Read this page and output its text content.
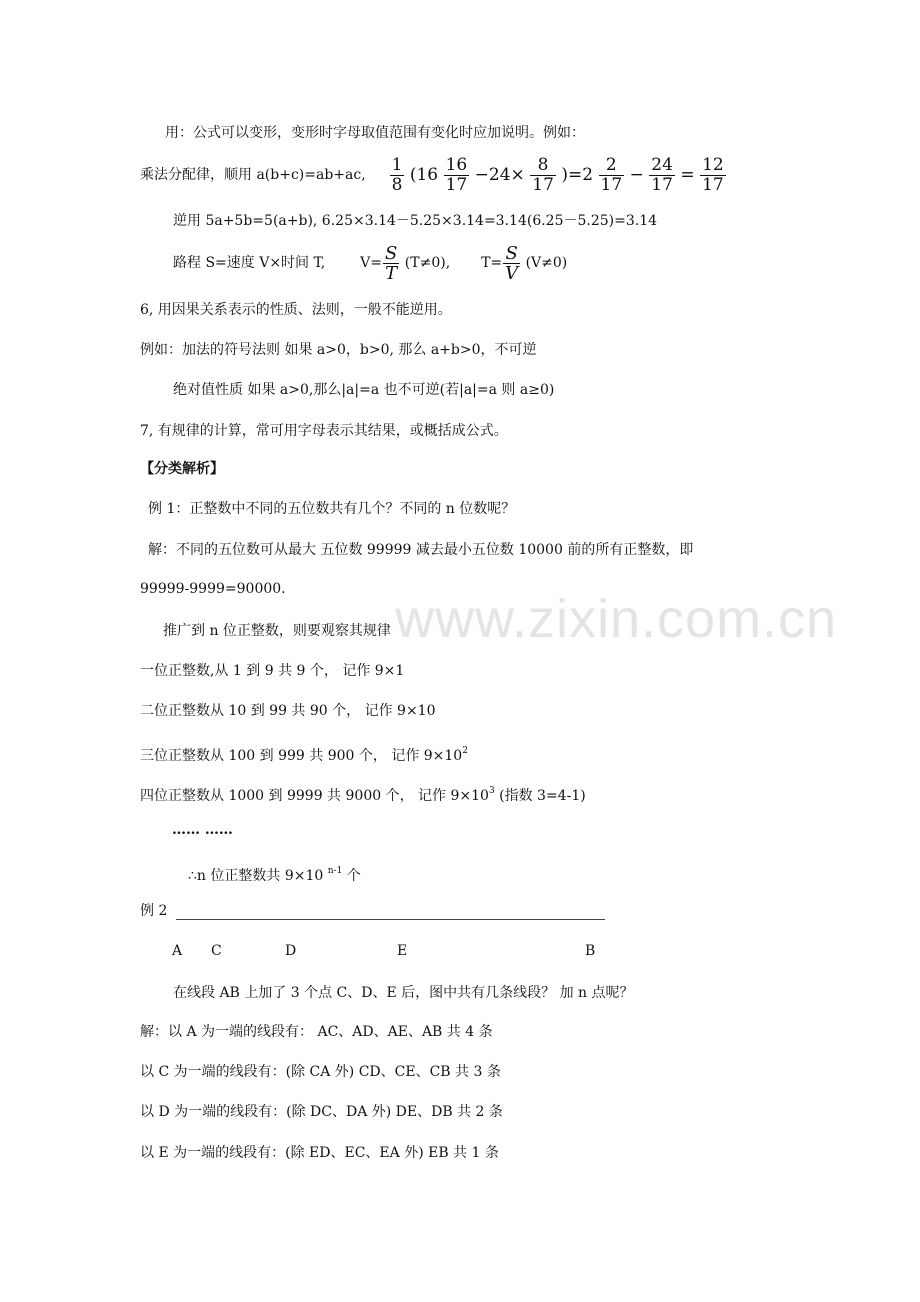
www.zixin.com.cn
用：公式可以变形，变形时字母取值范围有变化时应加说明。例如：
乘法分配律，顺用 a(b+c)=ab+ac, $\frac{1}{8} (16 \frac{16}{17} -24\times \frac{8}{17} )=2 \frac{2}{17} - \frac{24}{17} = \frac{12}{17}$
逆用 5a+5b=5(a+b), 6.25×3.14－5.25×3.14=3.14(6.25－5.25)=3.14
路程 S=速度 V×时间 T, $V= \frac{S}{T} (T\ne 0)$, $T= \frac{S}{V} (V\ne 0)$
6, 用因果关系表示的性质、法则，一般不能逆用。
例如：加法的符号法则 如果 a>0，b>0, 那么 a+b>0，不可逆
绝对值性质 如果 a>0,那么|a|=a 也不可逆(若|a|=a 则 a≥0)
7, 有规律的计算，常可用字母表示其结果，或概括成公式。
【分类解析】
例 1：正整数中不同的五位数共有几个？不同的 n 位数呢？
解：不同的五位数可从最大 五位数 99999 减去最小五位数 10000 前的所有正整数，即
99999-9999=90000.
推广到 n 位正整数，则要观察其规律
一位正整数,从 1 到 9 共 9 个， 记作 9×1
二位正整数从 10 到 99 共 90 个， 记作 9×10
三位正整数从 100 到 999 共 900 个， 记作 $9\times 10^2$
四位正整数从 1000 到 9999 共 9000 个， 记作 $9\times 10^3$ (指数 3=4-1)
…… ……
∴n 位正整数共 9×10 $^{n-1}$ 个
例 2
A C	D	E	B
在线段 AB 上加了 3 个点 C、D、E 后，图中共有几条线段？ 加 n 点呢？
解：以 A 为一端的线段有： AC、AD、AE、AB 共 4 条
以 C 为一端的线段有：(除 CA 外) CD、CE、CB 共 3 条
以 D 为一端的线段有：(除 DC、DA 外) DE、DB 共 2 条
以 E 为一端的线段有：(除 ED、EC、EA 外) EB 共 1 条
